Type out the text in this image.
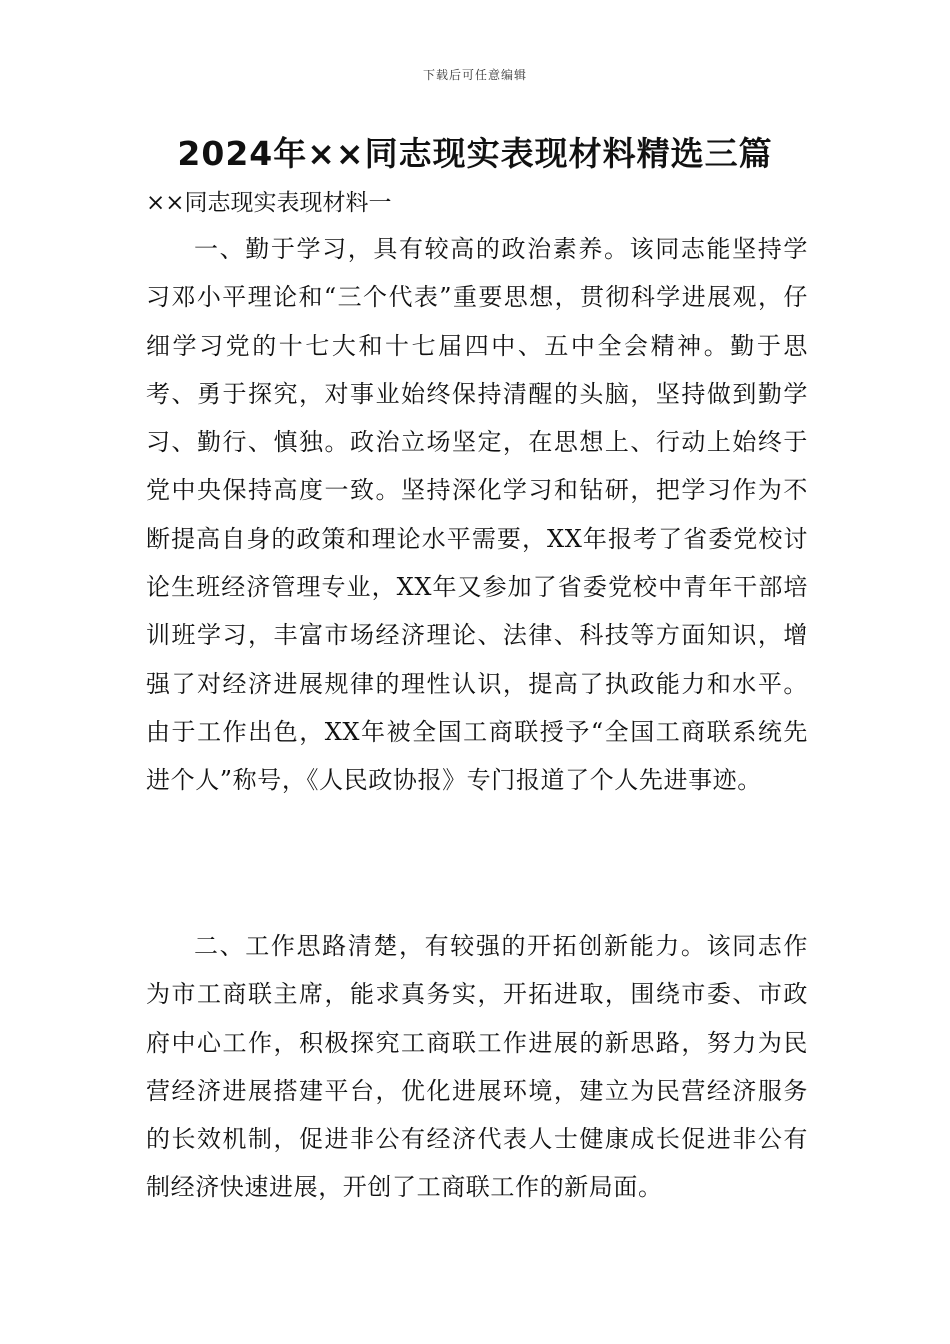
下载后可任意编辑
2024年××同志现实表现材料精选三篇
××同志现实表现材料一

一、勤于学习，具有较高的政治素养。该同志能坚持学习邓小平理论和“三个代表”重要思想，贯彻科学进展观，仔细学习党的十七大和十七届四中、五中全会精神。勤于思考、勇于探究，对事业始终保持清醒的头脑，坚持做到勤学习、勤行、慎独。政治立场坚定，在思想上、行动上始终于党中央保持高度一致。坚持深化学习和钻研，把学习作为不断提高自身的政策和理论水平需要，XX年报考了省委党校讨论生班经济管理专业，XX年又参加了省委党校中青年干部培训班学习，丰富市场经济理论、法律、科技等方面知识，增强了对经济进展规律的理性认识，提高了执政能力和水平。由于工作出色，XX年被全国工商联授予“全国工商联系统先进个人”称号，《人民政协报》专门报道了个人先进事迹。

二、工作思路清楚，有较强的开拓创新能力。该同志作为市工商联主席，能求真务实，开拓进取，围绕市委、市政府中心工作，积极探究工商联工作进展的新思路，努力为民营经济进展搭建平台，优化进展环境，建立为民营经济服务的长效机制，促进非公有经济代表人士健康成长促进非公有制经济快速进展，开创了工商联工作的新局面。
